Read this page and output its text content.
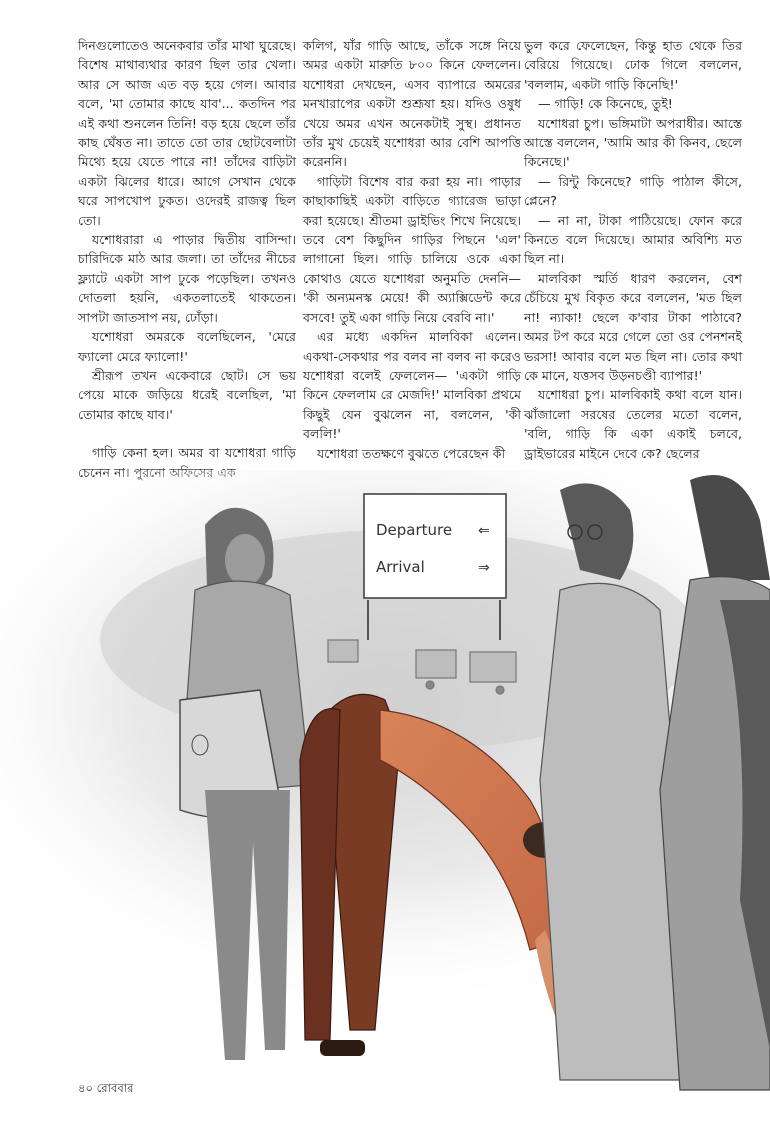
দিনগুলোতেও অনেকবার তাঁর মাথা ঘুরেছে। বিশেষ মাথাব্যথার কারণ ছিল তার খেলা। আর সে আজ এত বড় হয়ে গেল। আবার বলে, 'মা তোমার কাছে যাব'... কতদিন পর এই কথা শুনলেন তিনি! বড় হয়ে ছেলে তাঁর কাছ ঘেঁষত না। তাতে তো তার ছোটবেলাটা মিথ্যে হয়ে যেতে পারে না! তাঁদের বাড়িটা একটা ঝিলের ধারে। আগে সেখান থেকে ঘরে সাপখোপ ঢুকত। ওদেরই রাজত্ব ছিল তো।

যশোধরারা এ পাড়ার দ্বিতীয় বাসিন্দা। চারিদিকে মাঠ আর জলা। তা তাঁদের নীচের ফ্ল্যাটে একটা সাপ ঢুকে পড়েছিল। তখনও দোতলা হয়নি, একতলাতেই থাকতেন। সাপটা জাতসাপ নয়, ঢোঁড়া।

যশোধরা অমরকে বলেছিলেন, 'মেরে ফ্যালো মেরে ফ্যালো!'

শ্রীরূপ তখন একেবারে ছোট। সে ভয় পেয়ে মাকে জড়িয়ে ধরেই বলেছিল, 'মা তোমার কাছে যাব।'

গাড়ি কেনা হল। অমর বা যশোধরা গাড়ি

কলিগ, যাঁর গাড়ি আছে, তাঁকে সঙ্গে নিয়ে অমর একটা মারুতি ৮০০ কিনে ফেললেন। যশোধরা দেখছেন, এসব ব্যাপারে অমরের মনখারাপের একটা শুশ্রূষা হয়। যদিও ওষুধ খেয়ে অমর এখন অনেকটাই সুস্থ। প্রধানত তাঁর মুখ চেয়েই যশোধরা আর বেশি আপত্তি করেননি।

গাড়িটা বিশেষ বার করা হয় না। পাড়ার কাছাকাছিই একটা বাড়িতে গ্যারেজ ভাড়া করা হয়েছে। শ্রীতমা ড্রাইভিং শিখে নিয়েছে। তবে বেশ কিছুদিন গাড়ির পিছনে 'এল' লাগানো ছিল। গাড়ি চালিয়ে ওকে একা কোথাও যেতে যশোধরা অনুমতি দেননি— 'কী অন্যমনস্ক মেয়ে! কী অ্যাক্সিডেন্ট করে বসবে! তুই একা গাড়ি নিয়ে বেরবি না।'

এর মধ্যে একদিন মালবিকা এলেন। একথা-সেকথার পর বলব না বলব না করেও যশোধরা বলেই ফেললেন— 'একটা গাড়ি কিনে ফেললাম রে মেজদি!' মালবিকা প্রথমে কিছুই যেন বুঝলেন না, বললেন, 'কী বললি!'

যশোধরা ততক্ষণে বুঝতে পেরেছেন কী

ভুল করে ফেলেছেন, কিন্তু হাত থেকে তির বেরিয়ে গিয়েছে। ঢোক গিলে বললেন, 'বললাম, একটা গাড়ি কিনেছি!'

— গাড়ি! কে কিনেছে, তুই!

যশোধরা চুপ। ভঙ্গিমাটা অপরাধীর। আস্তে আস্তে বললেন, 'আমি আর কী কিনব, ছেলে কিনেছে।'

— রিন্টু কিনেছে? গাড়ি পাঠাল কীসে, প্লেনে?

— না না, টাকা পাঠিয়েছে। ফোন করে কিনতে বলে দিয়েছে। আমার অবিশ্যি মত ছিল না।

মালবিকা স্মর্তি ধারণ করলেন, বেশ চেঁচিয়ে মুখ বিকৃত করে বললেন, 'মত ছিল না! ন্যাকা! ছেলে ক'বার টাকা পাঠাবে? অমর টপ করে মরে গেলে তো ওর পেনশনই ভরসা! আবার বলে মত ছিল না। তোর কথা কে মানে, যত্তসব উড়নচণ্ডী ব্যাপার!'

যশোধরা চুপ। মালবিকাই কথা বলে যান। ঝাঁজালো সরষের তেলের মতো বলেন, 'বলি, গাড়ি কি একা একাই চলবে, ড্রাইভারের মাইনে দেবে কে? ছেলের

Departure ⇐
Arrival	⇒
৪০ রোববার
